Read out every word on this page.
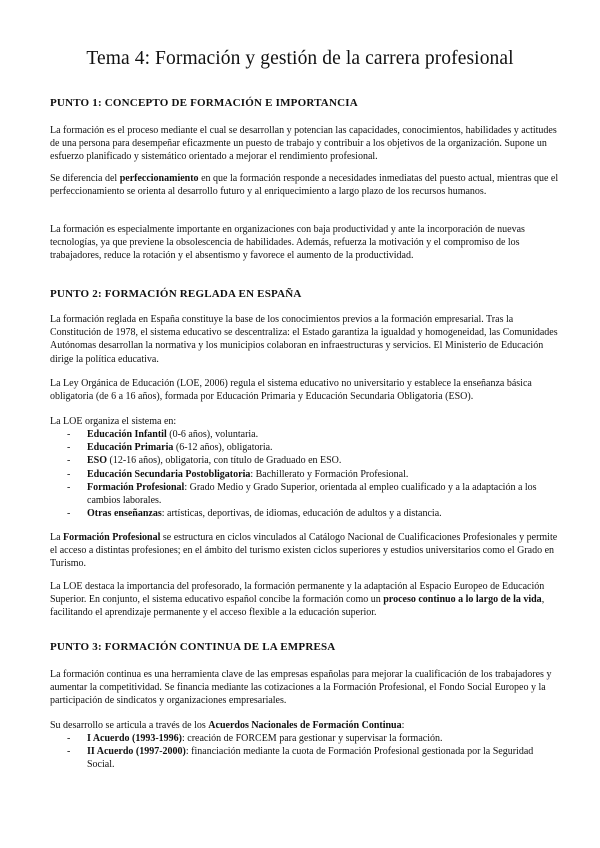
Tema 4: Formación y gestión de la carrera profesional
PUNTO 1: CONCEPTO DE FORMACIÓN E IMPORTANCIA
La formación es el proceso mediante el cual se desarrollan y potencian las capacidades, conocimientos, habilidades y actitudes de una persona para desempeñar eficazmente un puesto de trabajo y contribuir a los objetivos de la organización. Supone un esfuerzo planificado y sistemático orientado a mejorar el rendimiento profesional.
Se diferencia del perfeccionamiento en que la formación responde a necesidades inmediatas del puesto actual, mientras que el perfeccionamiento se orienta al desarrollo futuro y al enriquecimiento a largo plazo de los recursos humanos.
La formación es especialmente importante en organizaciones con baja productividad y ante la incorporación de nuevas tecnologías, ya que previene la obsolescencia de habilidades. Además, refuerza la motivación y el compromiso de los trabajadores, reduce la rotación y el absentismo y favorece el aumento de la productividad.
PUNTO 2: FORMACIÓN REGLADA EN ESPAÑA
La formación reglada en España constituye la base de los conocimientos previos a la formación empresarial. Tras la Constitución de 1978, el sistema educativo se descentraliza: el Estado garantiza la igualdad y homogeneidad, las Comunidades Autónomas desarrollan la normativa y los municipios colaboran en infraestructuras y servicios. El Ministerio de Educación dirige la política educativa.
La Ley Orgánica de Educación (LOE, 2006) regula el sistema educativo no universitario y establece la enseñanza básica obligatoria (de 6 a 16 años), formada por Educación Primaria y Educación Secundaria Obligatoria (ESO).
La LOE organiza el sistema en:
- Educación Infantil (0-6 años), voluntaria.
- Educación Primaria (6-12 años), obligatoria.
- ESO (12-16 años), obligatoria, con título de Graduado en ESO.
- Educación Secundaria Postobligatoria: Bachillerato y Formación Profesional.
- Formación Profesional: Grado Medio y Grado Superior, orientada al empleo cualificado y a la adaptación a los cambios laborales.
- Otras enseñanzas: artísticas, deportivas, de idiomas, educación de adultos y a distancia.
La Formación Profesional se estructura en ciclos vinculados al Catálogo Nacional de Cualificaciones Profesionales y permite el acceso a distintas profesiones; en el ámbito del turismo existen ciclos superiores y estudios universitarios como el Grado en Turismo.
La LOE destaca la importancia del profesorado, la formación permanente y la adaptación al Espacio Europeo de Educación Superior. En conjunto, el sistema educativo español concibe la formación como un proceso continuo a lo largo de la vida, facilitando el aprendizaje permanente y el acceso flexible a la educación superior.
PUNTO 3: FORMACIÓN CONTINUA DE LA EMPRESA
La formación continua es una herramienta clave de las empresas españolas para mejorar la cualificación de los trabajadores y aumentar la competitividad. Se financia mediante las cotizaciones a la Formación Profesional, el Fondo Social Europeo y la participación de sindicatos y organizaciones empresariales.
Su desarrollo se articula a través de los Acuerdos Nacionales de Formación Continua:
- I Acuerdo (1993-1996): creación de FORCEM para gestionar y supervisar la formación.
- II Acuerdo (1997-2000): financiación mediante la cuota de Formación Profesional gestionada por la Seguridad Social.
